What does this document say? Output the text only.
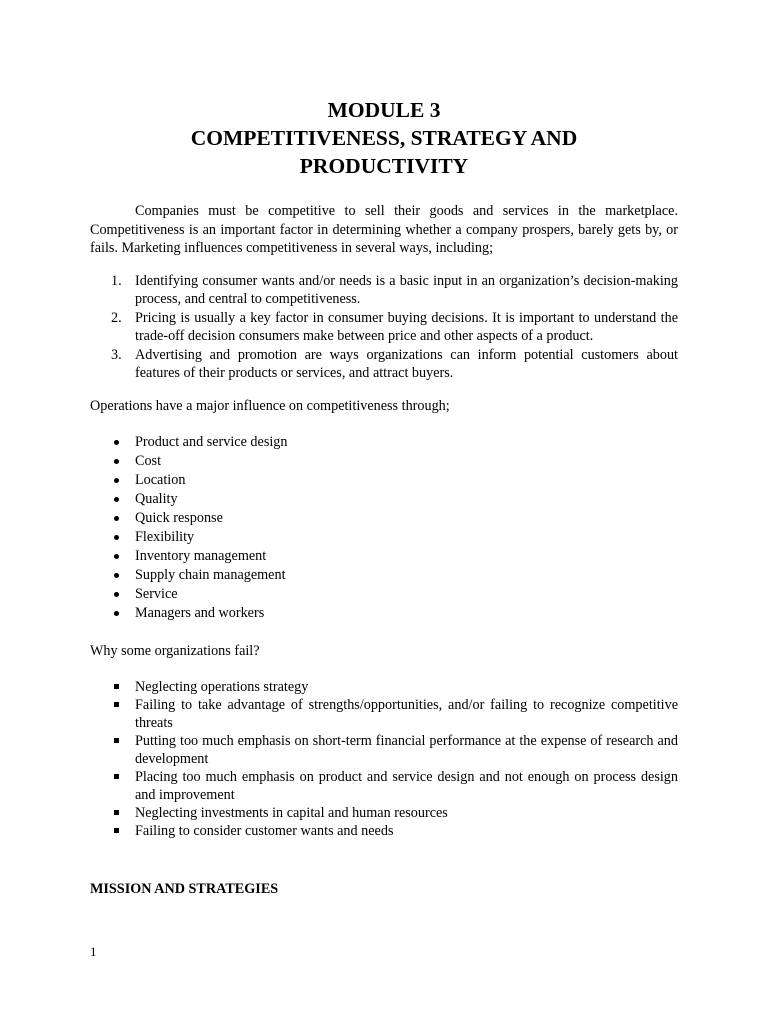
MODULE 3
COMPETITIVENESS, STRATEGY AND
PRODUCTIVITY

Companies must be competitive to sell their goods and services in the marketplace. Competitiveness is an important factor in determining whether a company prospers, barely gets by, or fails. Marketing influences competitiveness in several ways, including;

1. Identifying consumer wants and/or needs is a basic input in an organization’s decision-making process, and central to competitiveness.
2. Pricing is usually a key factor in consumer buying decisions. It is important to understand the trade-off decision consumers make between price and other aspects of a product.
3. Advertising and promotion are ways organizations can inform potential customers about features of their products or services, and attract buyers.

Operations have a major influence on competitiveness through;

Product and service design
Cost
Location
Quality
Quick response
Flexibility
Inventory management
Supply chain management
Service
Managers and workers

Why some organizations fail?

Neglecting operations strategy
Failing to take advantage of strengths/opportunities, and/or failing to recognize competitive threats
Putting too much emphasis on short-term financial performance at the expense of research and development
Placing too much emphasis on product and service design and not enough on process design and improvement
Neglecting investments in capital and human resources
Failing to consider customer wants and needs
MISSION AND STRATEGIES
1
